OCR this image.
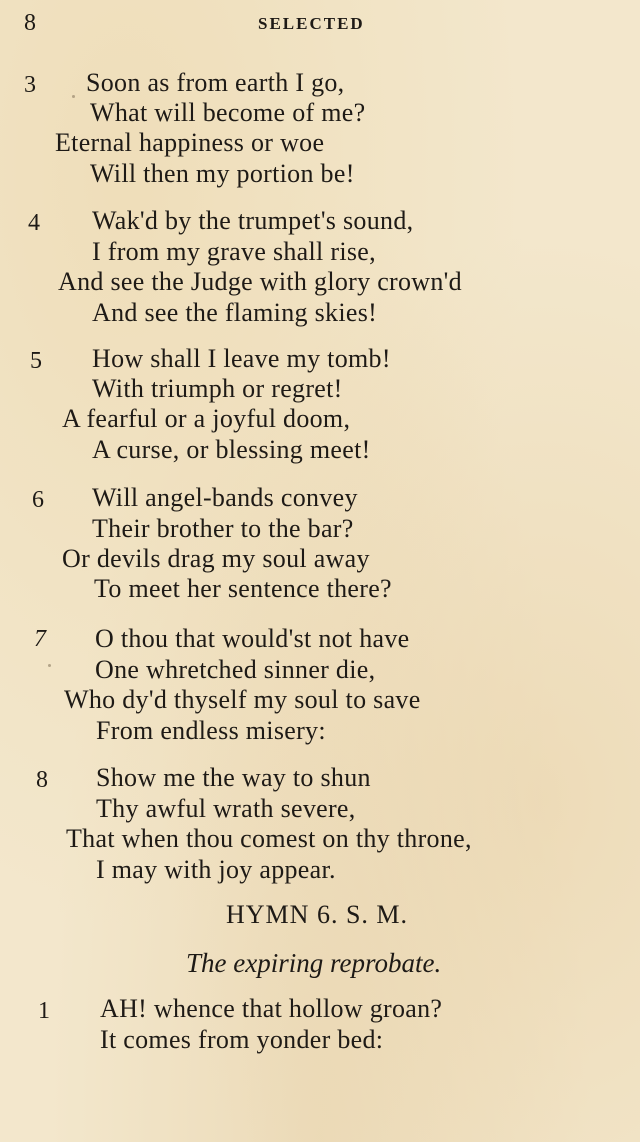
8	SELECTED
3 Soon as from earth I go,
What will become of me?
Eternal happiness or woe
Will then my portion be!
4 Wak'd by the trumpet's sound,
I from my grave shall rise,
And see the Judge with glory crown'd
And see the flaming skies!
5 How shall I leave my tomb!
With triumph or regret!
A fearful or a joyful doom,
A curse, or blessing meet!
6 Will angel-bands convey
Their brother to the bar?
Or devils drag my soul away
To meet her sentence there?
7 O thou that would'st not have
One whretched sinner die,
Who dy'd thyself my soul to save
From endless misery:
8 Show me the way to shun
Thy awful wrath severe,
That when thou comest on thy throne,
I may with joy appear.
HYMN 6. S. M.
The expiring reprobate.
1 AH! whence that hollow groan?
It comes from yonder bed:
